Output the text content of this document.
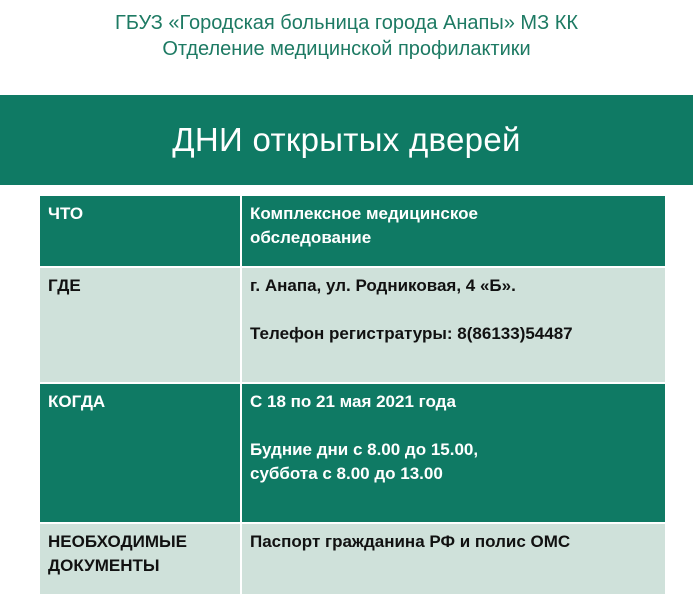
ГБУЗ «Городская больница города Анапы» МЗ КК
Отделение медицинской профилактики
ДНИ открытых дверей
ЧТО	Комплексное медицинское
обследование

ГДЕ	г. Анапа, ул. Родниковая, 4 «Б».
Телефон регистратуры: 8(86133)54487

КОГДА	С 18 по 21 мая 2021 года
Будние дни с 8.00 до 15.00,
суббота с 8.00 до 13.00

НЕОБХОДИМЫЕ
ДОКУМЕНТЫ	Паспорт гражданина РФ и полис ОМС
